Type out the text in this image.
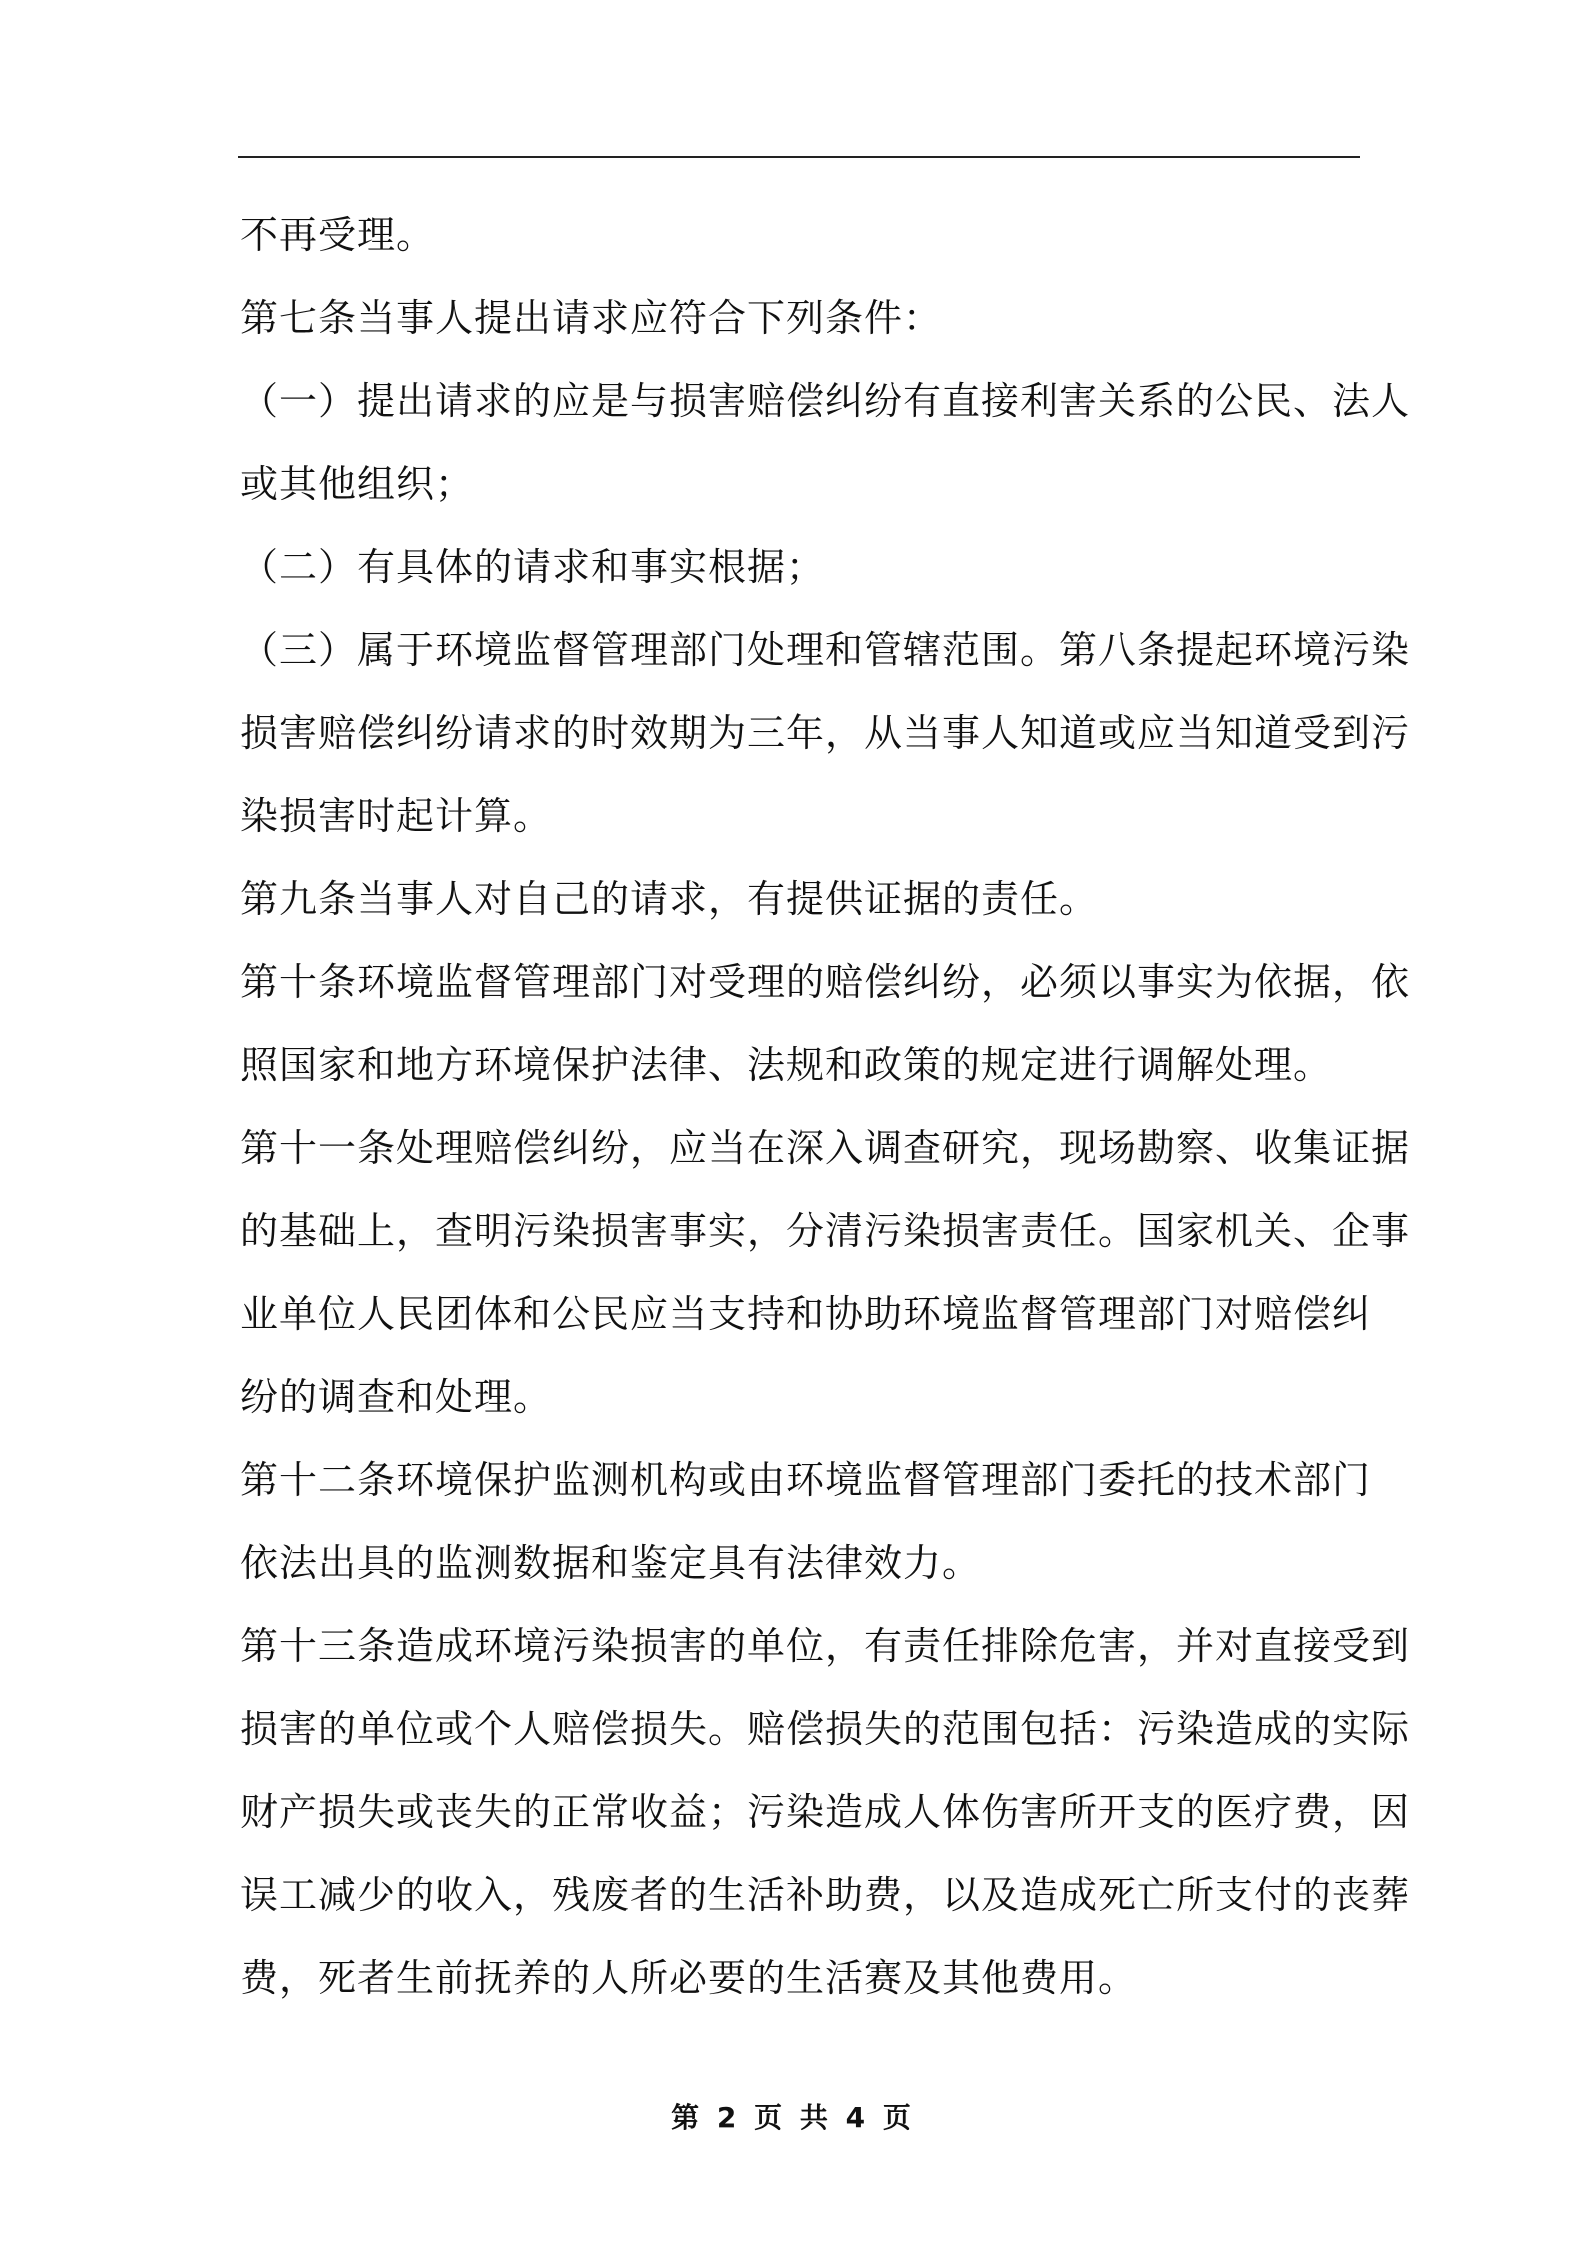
不再受理。
第七条当事人提出请求应符合下列条件：
（一）提出请求的应是与损害赔偿纠纷有直接利害关系的公民、法人
或其他组织；
（二）有具体的请求和事实根据；
（三）属于环境监督管理部门处理和管辖范围。第八条提起环境污染
损害赔偿纠纷请求的时效期为三年，从当事人知道或应当知道受到污
染损害时起计算。
第九条当事人对自己的请求，有提供证据的责任。
第十条环境监督管理部门对受理的赔偿纠纷，必须以事实为依据，依
照国家和地方环境保护法律、法规和政策的规定进行调解处理。
第十一条处理赔偿纠纷，应当在深入调查研究，现场勘察、收集证据
的基础上，查明污染损害事实，分清污染损害责任。国家机关、企事
业单位人民团体和公民应当支持和协助环境监督管理部门对赔偿纠
纷的调查和处理。
第十二条环境保护监测机构或由环境监督管理部门委托的技术部门
依法出具的监测数据和鉴定具有法律效力。
第十三条造成环境污染损害的单位，有责任排除危害，并对直接受到
损害的单位或个人赔偿损失。赔偿损失的范围包括：污染造成的实际
财产损失或丧失的正常收益；污染造成人体伤害所开支的医疗费，因
误工减少的收入，残废者的生活补助费，以及造成死亡所支付的丧葬
费，死者生前抚养的人所必要的生活赛及其他费用。
第 2 页 共 4 页
